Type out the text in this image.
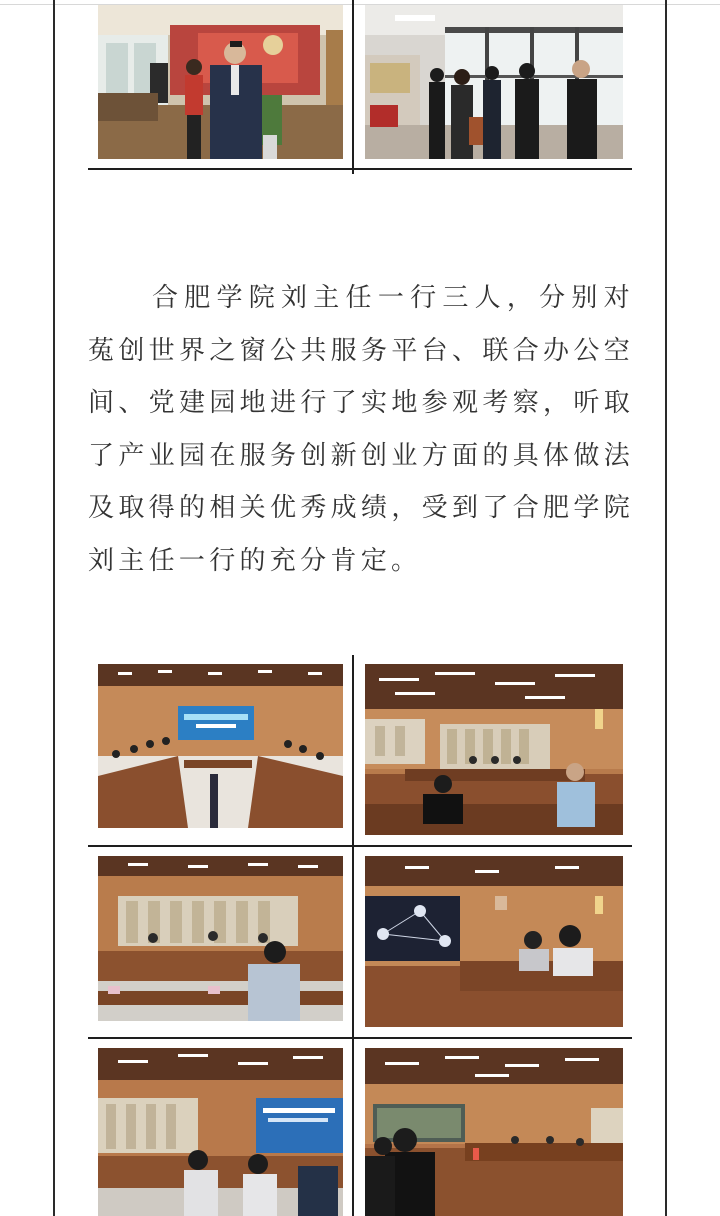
合肥学院刘主任一行三人，分别对菟创世界之窗公共服务平台、联合办公空间、党建园地进行了实地参观考察，听取了产业园在服务创新创业方面的具体做法及取得的相关优秀成绩，受到了合肥学院刘主任一行的充分肯定。
